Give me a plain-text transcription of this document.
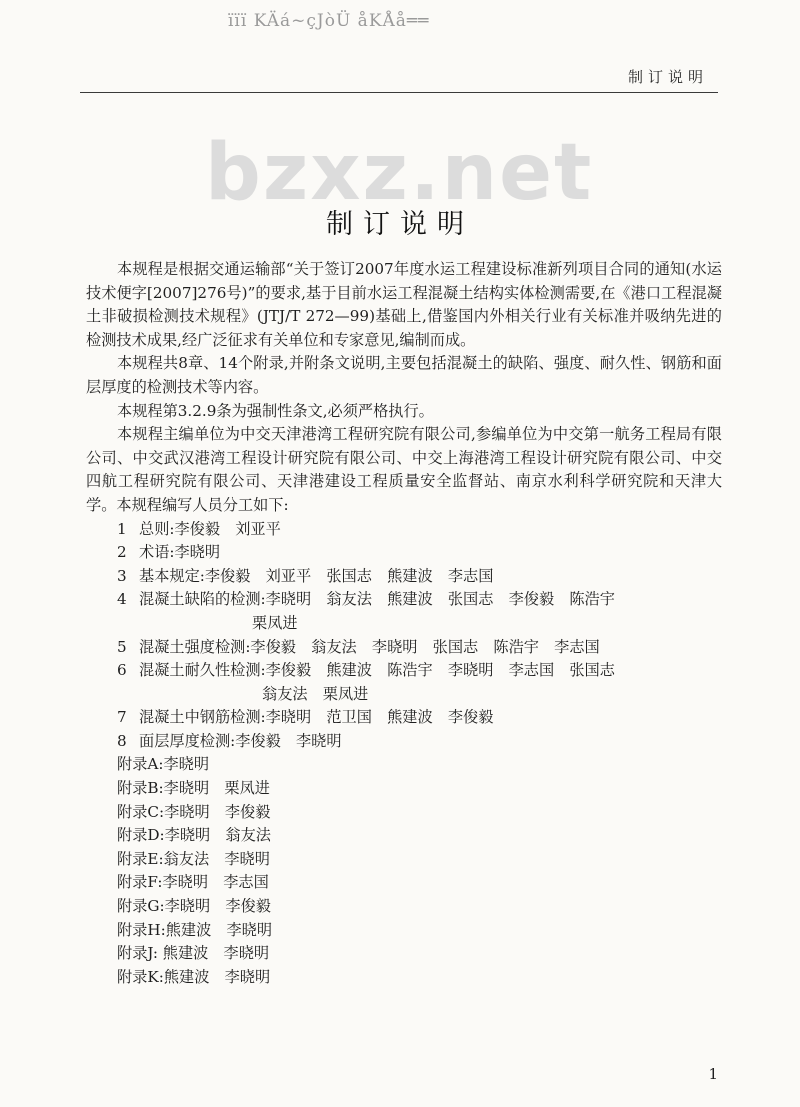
ïïï KÄá~çJòÜ åKÅå══
制订说明
bzxz.net
制订说明

本规程是根据交通运输部“关于签订2007年度水运工程建设标准新列项目合同的通知(水运技术便字[2007]276号)”的要求,基于目前水运工程混凝土结构实体检测需要,在《港口工程混凝土非破损检测技术规程》(JTJ/T 272—99)基础上,借鉴国内外相关行业有关标准并吸纳先进的检测技术成果,经广泛征求有关单位和专家意见,编制而成。

本规程共8章、14个附录,并附条文说明,主要包括混凝土的缺陷、强度、耐久性、钢筋和面层厚度的检测技术等内容。

本规程第3.2.9条为强制性条文,必须严格执行。

本规程主编单位为中交天津港湾工程研究院有限公司,参编单位为中交第一航务工程局有限公司、中交武汉港湾工程设计研究院有限公司、中交上海港湾工程设计研究院有限公司、中交四航工程研究院有限公司、天津港建设工程质量安全监督站、南京水利科学研究院和天津大学。本规程编写人员分工如下:

1 总则:李俊毅　刘亚平

2 术语:李晓明

3 基本规定:李俊毅　刘亚平　张国志　熊建波　李志国

4 混凝土缺陷的检测:李晓明　翁友法　熊建波　张国志　李俊毅　陈浩宇
栗凤进

5 混凝土强度检测:李俊毅　翁友法　李晓明　张国志　陈浩宇　李志国

6 混凝土耐久性检测:李俊毅　熊建波　陈浩宇　李晓明　李志国　张国志
翁友法　栗凤进

7 混凝土中钢筋检测:李晓明　范卫国　熊建波　李俊毅

8 面层厚度检测:李俊毅　李晓明

附录A:李晓明

附录B:李晓明　栗凤进

附录C:李晓明　李俊毅

附录D:李晓明　翁友法

附录E:翁友法　李晓明

附录F:李晓明　李志国

附录G:李晓明　李俊毅

附录H:熊建波　李晓明

附录J: 熊建波　李晓明

附录K:熊建波　李晓明

1
